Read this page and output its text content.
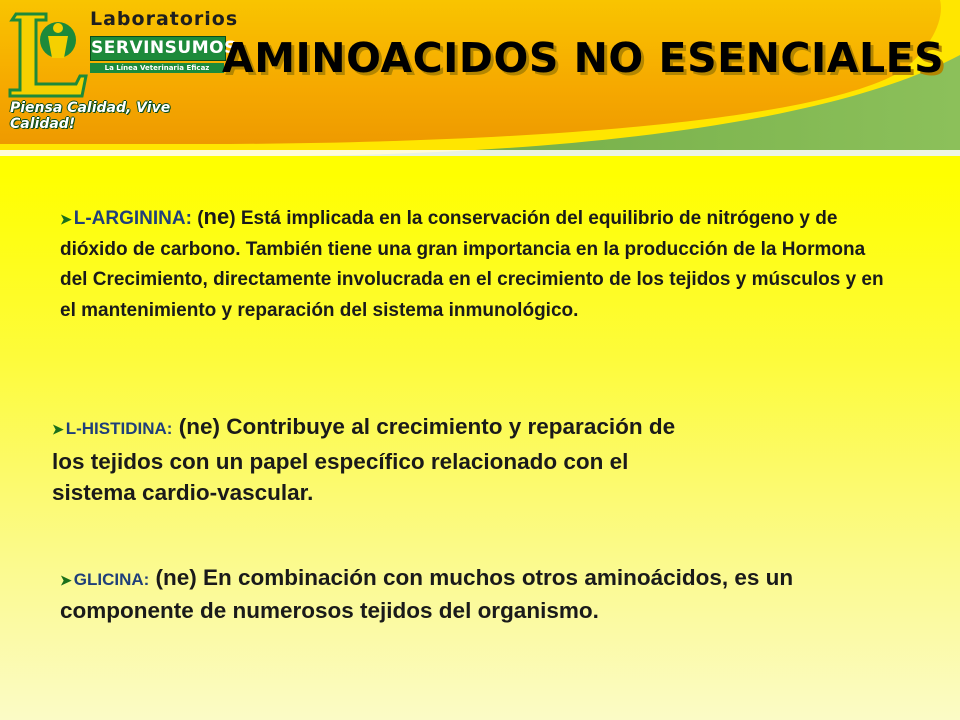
Laboratorios
SERVINSUMOS
La Línea Veterinaria Eficaz
Piensa Calidad, Vive Calidad!
AMINOACIDOS NO ESENCIALES
➤ L-ARGININA: (ne) Está implicada en la conservación del equilibrio de nitrógeno y de dióxido de carbono. También tiene una gran importancia en la producción de la Hormona del Crecimiento, directamente involucrada en el crecimiento de los tejidos y músculos y en el mantenimiento y reparación del sistema inmunológico.
➤ L-HISTIDINA: (ne) Contribuye al crecimiento y reparación de los tejidos con un papel específico relacionado con el sistema cardio-vascular.
➤ GLICINA: (ne) En combinación con muchos otros aminoácidos, es un componente de numerosos tejidos del organismo.
